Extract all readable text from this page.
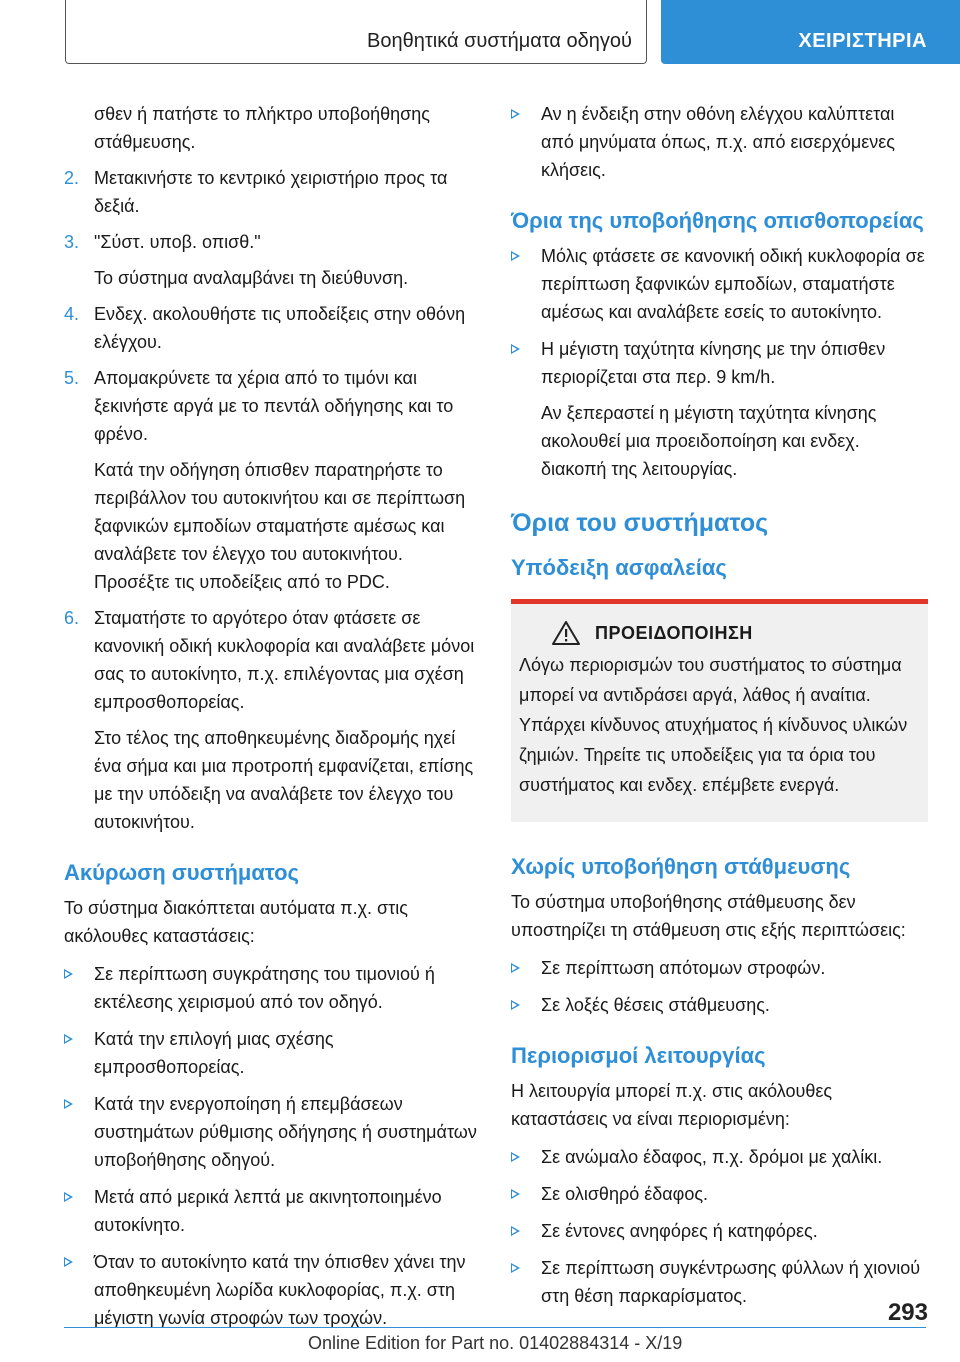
Βοηθητικά συστήματα οδηγού	ΧΕΙΡΙΣΤΗΡΙΑ

σθεν ή πατήστε το πλήκτρο υποβοήθησης στάθμευσης.

2. Μετακινήστε το κεντρικό χειριστήριο προς τα δεξιά.
3. "Σύστ. υποβ. οπισθ."
Το σύστημα αναλαμβάνει τη διεύθυνση.
4. Ενδεχ. ακολουθήστε τις υποδείξεις στην οθόνη ελέγχου.
5. Απομακρύνετε τα χέρια από το τιμόνι και ξεκινήστε αργά με το πεντάλ οδήγησης και το φρένο.
Κατά την οδήγηση όπισθεν παρατηρήστε το περιβάλλον του αυτοκινήτου και σε περίπτωση ξαφνικών εμποδίων σταματήστε αμέσως και αναλάβετε τον έλεγχο του αυτοκινήτου. Προσέξτε τις υποδείξεις από το PDC.
6. Σταματήστε το αργότερο όταν φτάσετε σε κανονική οδική κυκλοφορία και αναλάβετε μόνοι σας το αυτοκίνητο, π.χ. επιλέγοντας μια σχέση εμπροσθοπορείας.
Στο τέλος της αποθηκευμένης διαδρομής ηχεί ένα σήμα και μια προτροπή εμφανίζεται, επίσης με την υπόδειξη να αναλάβετε τον έλεγχο του αυτοκινήτου.
Ακύρωση συστήματος

Το σύστημα διακόπτεται αυτόματα π.χ. στις ακόλουθες καταστάσεις:

Σε περίπτωση συγκράτησης του τιμονιού ή εκτέλεσης χειρισμού από τον οδηγό.
Κατά την επιλογή μιας σχέσης εμπροσθοπορείας.
Κατά την ενεργοποίηση ή επεμβάσεων συστημάτων ρύθμισης οδήγησης ή συστημάτων υποβοήθησης οδηγού.
Μετά από μερικά λεπτά με ακινητοποιημένο αυτοκίνητο.
Όταν το αυτοκίνητο κατά την όπισθεν χάνει την αποθηκευμένη λωρίδα κυκλοφορίας, π.χ. στη μέγιστη γωνία στροφών των τροχών.
Αν η ένδειξη στην οθόνη ελέγχου καλύπτεται από μηνύματα όπως, π.χ. από εισερχόμενες κλήσεις.
Όρια της υποβοήθησης οπισθοπορείας
Μόλις φτάσετε σε κανονική οδική κυκλοφορία σε περίπτωση ξαφνικών εμποδίων, σταματήστε αμέσως και αναλάβετε εσείς το αυτοκίνητο.
Η μέγιστη ταχύτητα κίνησης με την όπισθεν περιορίζεται στα περ. 9 km/h.
Αν ξεπεραστεί η μέγιστη ταχύτητα κίνησης ακολουθεί μια προειδοποίηση και ενδεχ. διακοπή της λειτουργίας.
Όρια του συστήματος
Υπόδειξη ασφαλείας
ΠΡΟΕΙΔΟΠΟΙΗΣΗ

Λόγω περιορισμών του συστήματος το σύστημα μπορεί να αντιδράσει αργά, λάθος ή αναίτια. Υπάρχει κίνδυνος ατυχήματος ή κίνδυνος υλικών ζημιών. Τηρείτε τις υποδείξεις για τα όρια του συστήματος και ενδεχ. επέμβετε ενεργά.

Χωρίς υποβοήθηση στάθμευσης

Το σύστημα υποβοήθησης στάθμευσης δεν υποστηρίζει τη στάθμευση στις εξής περιπτώσεις:

Σε περίπτωση απότομων στροφών.
Σε λοξές θέσεις στάθμευσης.
Περιορισμοί λειτουργίας

Η λειτουργία μπορεί π.χ. στις ακόλουθες καταστάσεις να είναι περιορισμένη:

Σε ανώμαλο έδαφος, π.χ. δρόμοι με χαλίκι.
Σε ολισθηρό έδαφος.
Σε έντονες ανηφόρες ή κατηφόρες.
Σε περίπτωση συγκέντρωσης φύλλων ή χιονιού στη θέση παρκαρίσματος.
293
Online Edition for Part no. 01402884314 - X/19
